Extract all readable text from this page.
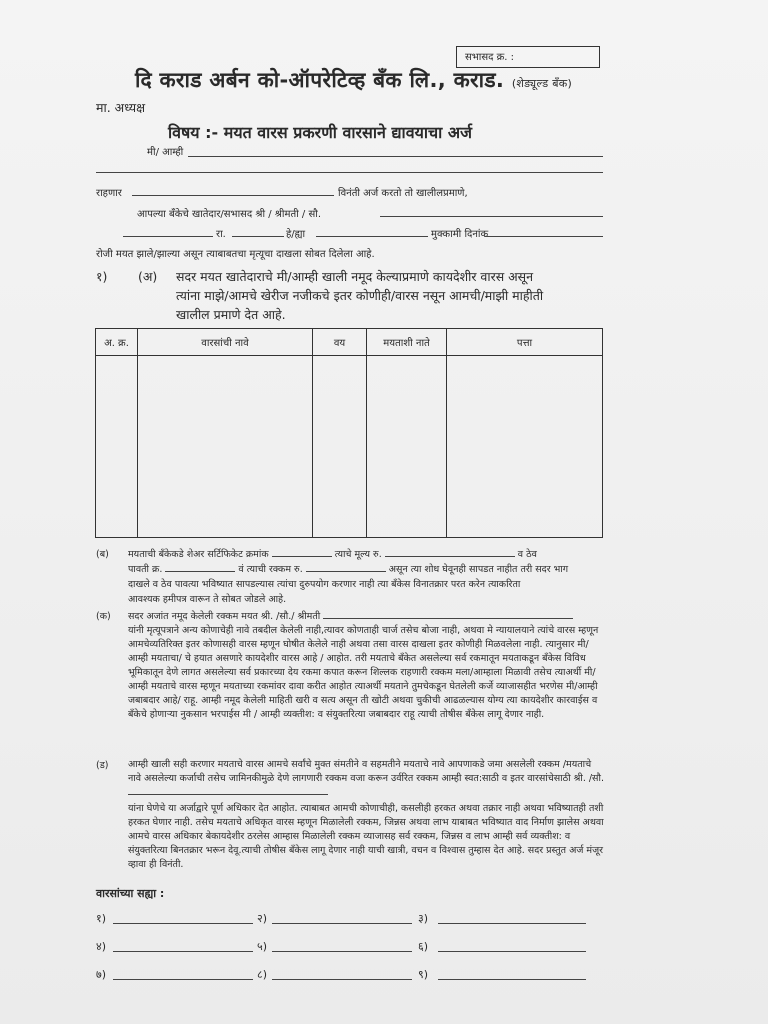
सभासद क्र. :
दि कराड अर्बन को-ऑपरेटिव्ह बँक लि., कराड. (शेड्यूल्ड बँक)
मा. अध्यक्ष
विषय :- मयत वारस प्रकरणी वारसाने द्यावयाचा अर्ज
मी/ आम्ही
राहणार	विनंती अर्ज करतो तो खालीलप्रमाणे,
आपल्या बँकेचे खातेदार/सभासद श्री / श्रीमती / सौ.
रा.	हे/ह्या	मुक्कामी दिनांक
रोजी मयत झाले/झाल्या असून त्याबाबतचा मृत्यूचा दाखला सोबत दिलेला आहे.
१) (अ) सदर मयत खातेदाराचे मी/आम्ही खाली नमूद केल्याप्रमाणे कायदेशीर वारस असून
त्यांना माझे/आमचे खेरीज नजीकचे इतर कोणीही/वारस नसून आमची/माझी माहीती
खालील प्रमाणे देत आहे.
अ. क्र.	वारसांची नावे	वय	मयताशी नाते	पत्ता

(ब) मयताची बँकेकडे शेअर सर्टिफिकेट क्रमांक	त्याचे मूल्य रु.	व ठेव
पावती क्र.	वं त्याची रक्कम रु.	असून त्या शोध घेवूनही सापडत नाहीत तरी सदर भाग
दाखले व ठेव पावत्या भविष्यात सापडल्यास त्यांचा दुरुपयोग करणार नाही त्या बँकेस विनातक्रार परत करेन त्याकरिता
आवश्यक हमीपत्र वारून ते सोबत जोडले आहे.
(क) सदर अजांत नमूद केलेली रक्कम मयत श्री. /सौ./ श्रीमती
यांनी मृत्यूपत्राने अन्य कोणाचेही नावे तबदील केलेली नाही,त्यावर कोणताही चार्ज तसेच बोजा नाही, अथवा मे न्यायालयाने त्यांचे वारस म्हणून आमचेव्यतिरिक्त इतर कोणासही वारस म्हणून घोषीत केलेले नाही अथवा तसा वारस दाखला इतर कोणीही मिळवलेला नाही. त्यानुसार मी/आम्ही मयताचा/ चे हयात असणारे कायदेशीर वारस आहे / आहोत. तरी मयताचे बँकेत असलेल्या सर्व रकमातून मयताकडून बँकेस विविध भूमिकातून देणे लागत असलेल्या सर्व प्रकारच्या देय रकमा कपात करून शिल्लक राहणारी रक्कम मला/आम्हाला मिळावी तसेच त्याअर्थी मी/आम्ही मयताचे वारस म्हणून मयताच्या रकमांवर दावा करीत आहोत त्याअर्थी मयताने तुमचेकडून घेतलेली कर्जे व्याजासहीत भरणेस मी/आम्ही जबाबदार आहे/ राहू. आम्ही नमूद केलेली माहिती खरी व सत्य असून ती खोटी अथवा चुकीची आढळल्यास योग्य त्या कायदेशीर कारवाईस व बँकेचे होणाऱ्या नुकसान भरपाईस मी / आम्ही व्यक्तीश: व संयुक्तरित्या जबाबदार राहू त्याची तोषीस बँकेस लागू देणार नाही.
(ड) आम्ही खाली सही करणार मयताचे वारस आमचे सर्वांचे मुक्त संमतीने व सहमतीने मयताचे नावे आपणाकडे जमा असलेली रक्कम /मयताचे नावे असलेल्या कर्जाची तसेच जामिनकीमुळे देणे लागणारी रक्कम वजा करून उर्वरित रक्कम आम्ही स्वत:साठी व इतर वारसांचेसाठी श्री. /सौ.
यांना घेणेचे या अर्जाद्वारे पूर्ण अधिकार देत आहोत. त्याबाबत आमची कोणाचीही, कसलीही हरकत अथवा तक्रार नाही अथवा भविष्यातही तशी हरकत घेणार नाही. तसेच मयताचे अधिकृत वारस म्हणून मिळालेली रक्कम, जिन्नस अथवा लाभ याबाबत भविष्यात वाद निर्माण झालेस अथवा आमचे वारस अधिकार बेकायदेशीर ठरलेस आम्हास मिळालेली रक्कम व्याजासह सर्व रक्कम, जिन्नस व लाभ आम्ही सर्व व्यक्तीश: व संयुक्तरित्या बिनतक्रार भरून देवू.त्याची तोषीस बँकेस लागू देणार नाही याची खात्री, वचन व विश्वास तुम्हास देत आहे. सदर प्रस्तुत अर्ज मंजूर व्हावा ही विनंती.
वारसांच्या सह्या :
१)	२)	३)
४)	५)	६)
७)	८)	९)
